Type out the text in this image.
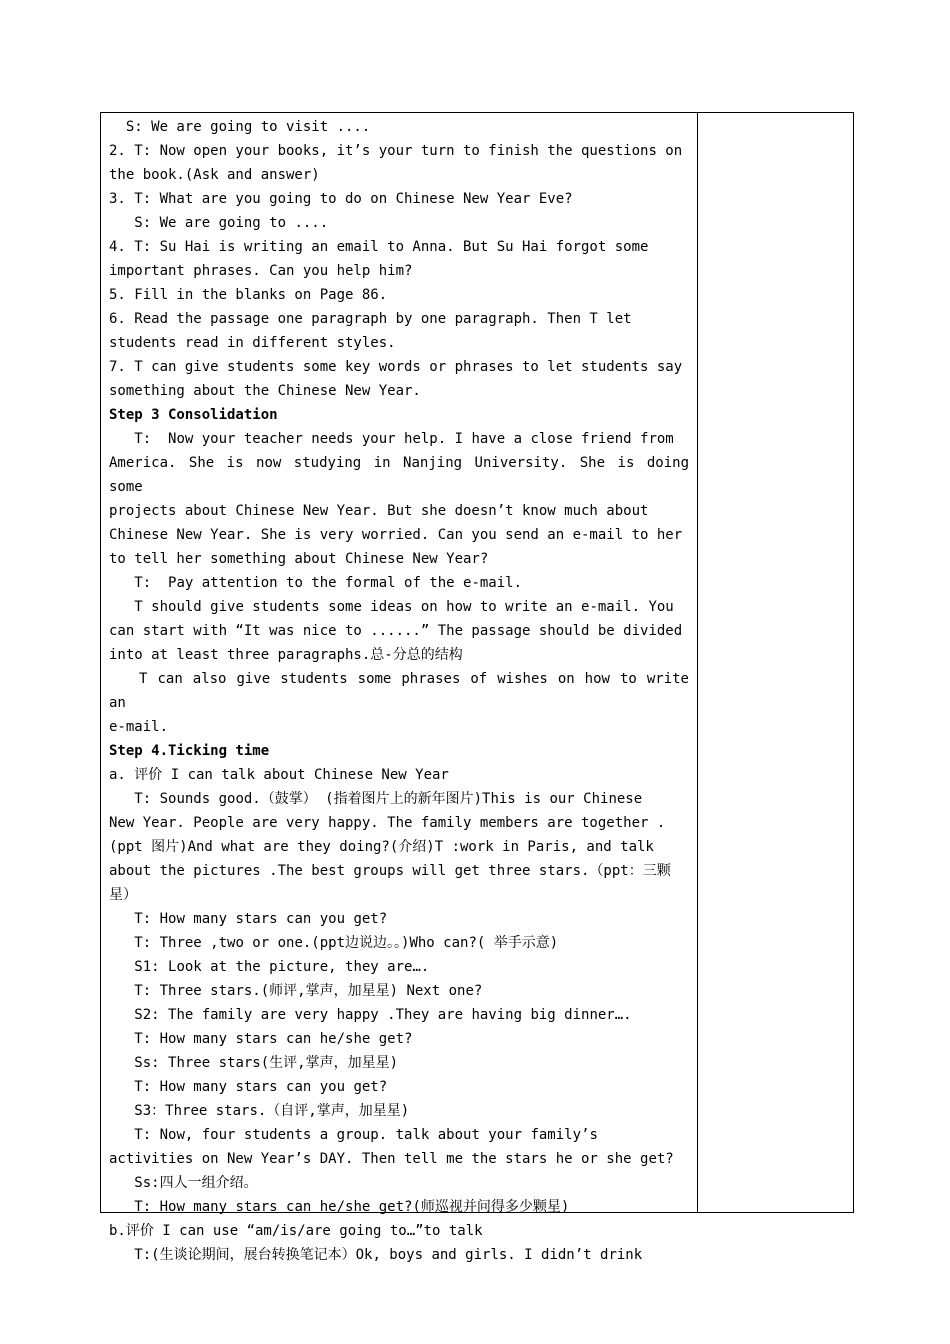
S: We are going to visit ....

2. T: Now open your books, it’s your turn to finish the questions on

the book.(Ask and answer)

3. T: What are you going to do on Chinese New Year Eve?

S: We are going to ....

4. T: Su Hai is writing an email to Anna. But Su Hai forgot some

important phrases. Can you help him?

5. Fill in the blanks on Page 86.

6. Read the passage one paragraph by one paragraph. Then T let

students read in different styles.

7. T can give students some key words or phrases to let students say

something about the Chinese New Year.

Step 3 Consolidation

T:  Now your teacher needs your help. I have a close friend from

America. She is now studying in Nanjing University. She is doing some

projects about Chinese New Year. But she doesn’t know much about

Chinese New Year. She is very worried. Can you send an e-mail to her

to tell her something about Chinese New Year?

T:  Pay attention to the formal of the e-mail.

T should give students some ideas on how to write an e-mail. You

can start with “It was nice to ......” The passage should be divided

into at least three paragraphs.总-分总的结构

T can also give students some phrases of wishes on how to write an

e-mail.

Step 4.Ticking time

a. 评价 I can talk about Chinese New Year

T: Sounds good.（鼓掌） (指着图片上的新年图片)This is our Chinese

New Year. People are very happy. The family members are together .

(ppt 图片)And what are they doing?(介绍)T :work in Paris, and talk

about the pictures .The best groups will get three stars.（ppt：三颗

星）

T: How many stars can you get?

T: Three ,two or one.(ppt边说边。。)Who can?( 举手示意)

S1: Look at the picture, they are….

T: Three stars.(师评,掌声，加星星) Next one?

S2: The family are very happy .They are having big dinner….

T: How many stars can he/she get?

Ss: Three stars(生评,掌声，加星星)

T: How many stars can you get?

S3：Three stars.（自评,掌声，加星星)

T: Now, four students a group. talk about your family’s

activities on New Year’s DAY. Then tell me the stars he or she get?

Ss:四人一组介绍。

T: How many stars can he/she get?(师巡视并问得多少颗星)

b.评价 I can use “am/is/are going to…”to talk

T:(生谈论期间，展台转换笔记本）Ok, boys and girls. I didn’t drink
